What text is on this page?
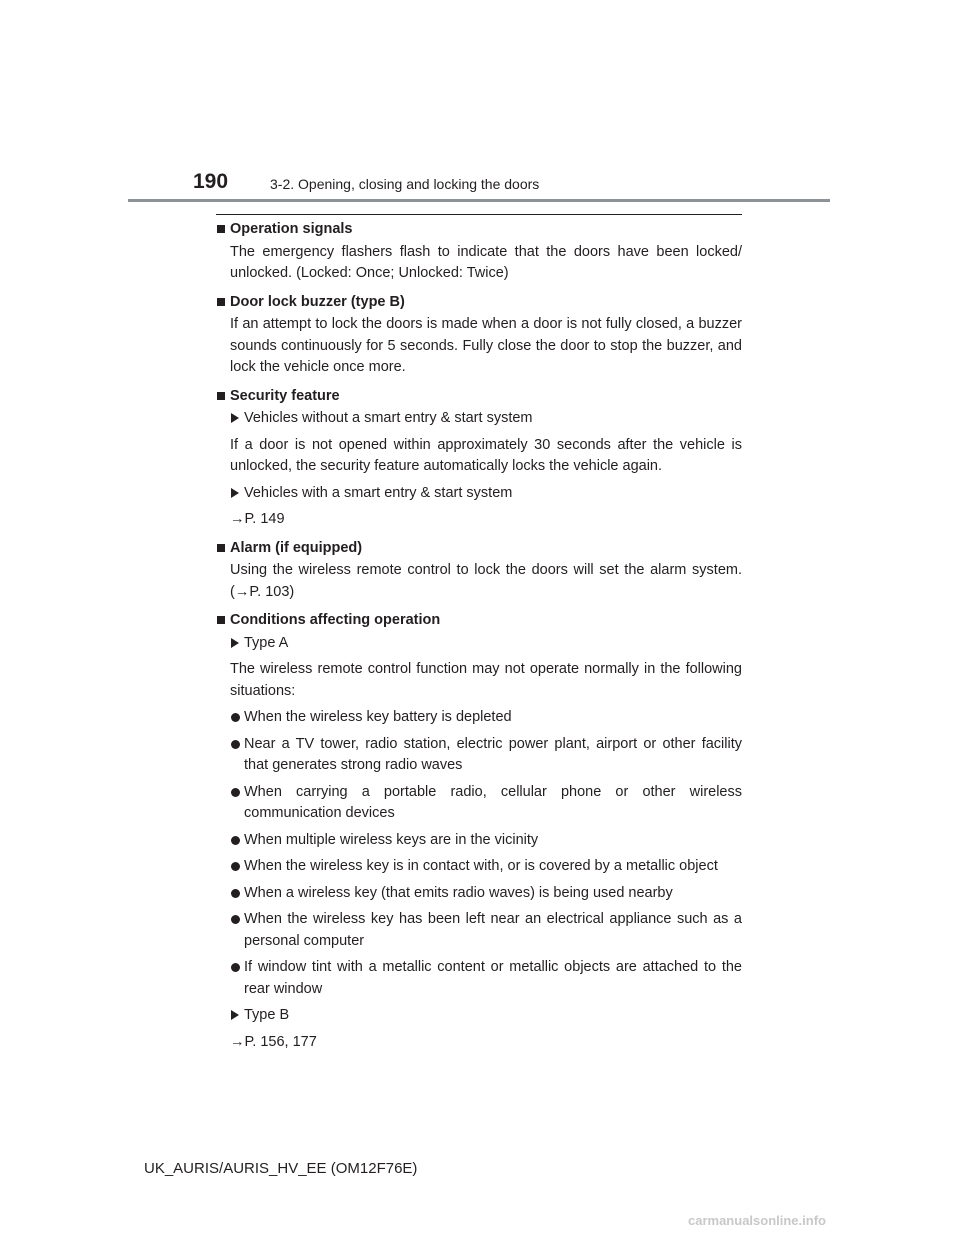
190	3-2. Opening, closing and locking the doors
Operation signals

The emergency flashers flash to indicate that the doors have been locked/ unlocked. (Locked: Once; Unlocked: Twice)

Door lock buzzer (type B)

If an attempt to lock the doors is made when a door is not fully closed, a buzzer sounds continuously for 5 seconds. Fully close the door to stop the buzzer, and lock the vehicle once more.

Security feature

Vehicles without a smart entry & start system

If a door is not opened within approximately 30 seconds after the vehicle is unlocked, the security feature automatically locks the vehicle again.

Vehicles with a smart entry & start system

→P. 149

Alarm (if equipped)

Using the wireless remote control to lock the doors will set the alarm system. (→P. 103)

Conditions affecting operation

Type A

The wireless remote control function may not operate normally in the following situations:

When the wireless key battery is depleted

Near a TV tower, radio station, electric power plant, airport or other facility that generates strong radio waves

When carrying a portable radio, cellular phone or other wireless communication devices

When multiple wireless keys are in the vicinity

When the wireless key is in contact with, or is covered by a metallic object

When a wireless key (that emits radio waves) is being used nearby

When the wireless key has been left near an electrical appliance such as a personal computer

If window tint with a metallic content or metallic objects are attached to the rear window

Type B

→P. 156, 177

UK_AURIS/AURIS_HV_EE (OM12F76E)
carmanualsonline.info
